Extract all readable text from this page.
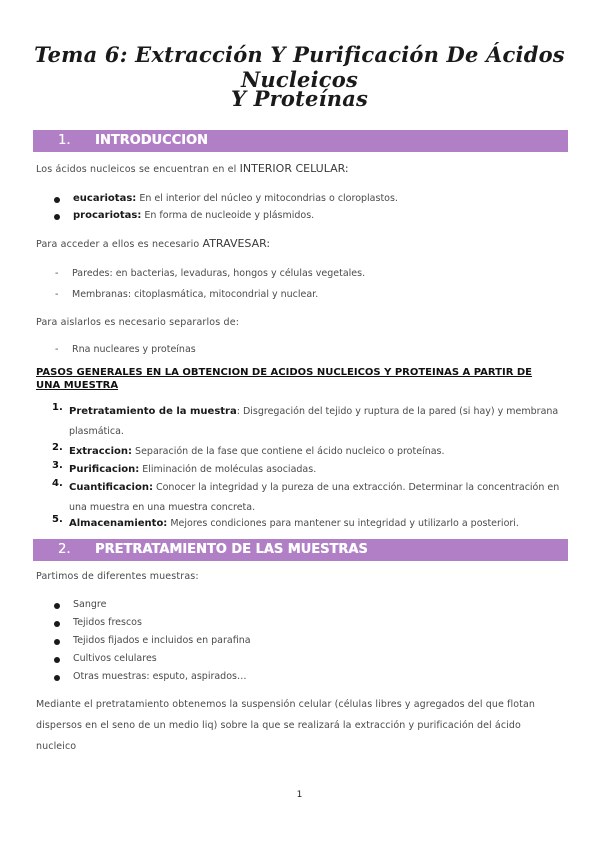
Tema 6: Extracción Y Purificación De Ácidos Nucleicos
Y Proteínas
1. INTRODUCCION
Los ácidos nucleicos se encuentran en el INTERIOR CELULAR:
eucariotas: En el interior del núcleo y mitocondrias o cloroplastos.
procariotas: En forma de nucleoide y plásmidos.
Para acceder a ellos es necesario ATRAVESAR:
- Paredes: en bacterias, levaduras, hongos y células vegetales.
- Membranas: citoplasmática, mitocondrial y nuclear.
Para aislarlos es necesario separarlos de:
- Rna nucleares y proteínas
PASOS GENERALES EN LA OBTENCION DE ACIDOS NUCLEICOS Y PROTEINAS A PARTIR DE UNA MUESTRA
1. Pretratamiento de la muestra: Disgregación del tejido y ruptura de la pared (si hay) y membrana plasmática.
2. Extraccion: Separación de la fase que contiene el ácido nucleico o proteínas.
3. Purificacion: Eliminación de moléculas asociadas.
4. Cuantificacion: Conocer la integridad y la pureza de una extracción. Determinar la concentración en una muestra en una muestra concreta.
5. Almacenamiento: Mejores condiciones para mantener su integridad y utilizarlo a posteriori.
2. PRETRATAMIENTO DE LAS MUESTRAS
Partimos de diferentes muestras:
Sangre
Tejidos frescos
Tejidos fijados e incluidos en parafina
Cultivos celulares
Otras muestras: esputo, aspirados…
Mediante el pretratamiento obtenemos la suspensión celular (células libres y agregados del que flotan dispersos en el seno de un medio liq) sobre la que se realizará la extracción y purificación del ácido nucleico
1
